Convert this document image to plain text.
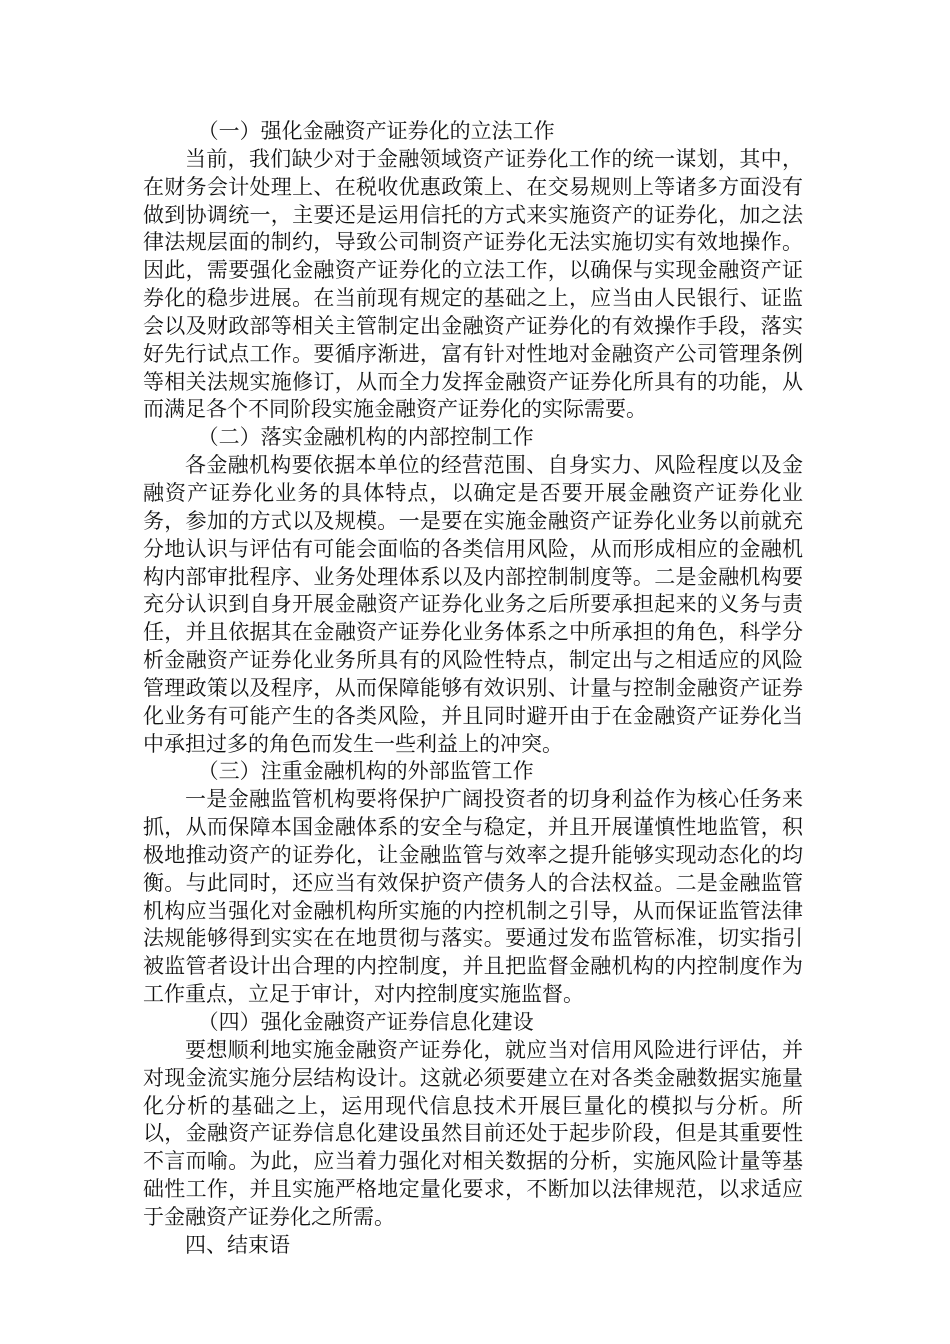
（一）强化金融资产证券化的立法工作

当前，我们缺少对于金融领域资产证券化工作的统一谋划，其中，在财务会计处理上、在税收优惠政策上、在交易规则上等诸多方面没有做到协调统一，主要还是运用信托的方式来实施资产的证券化，加之法律法规层面的制约，导致公司制资产证券化无法实施切实有效地操作。因此，需要强化金融资产证券化的立法工作，以确保与实现金融资产证券化的稳步进展。在当前现有规定的基础之上，应当由人民银行、证监会以及财政部等相关主管制定出金融资产证券化的有效操作手段，落实好先行试点工作。要循序渐进，富有针对性地对金融资产公司管理条例等相关法规实施修订，从而全力发挥金融资产证券化所具有的功能，从而满足各个不同阶段实施金融资产证券化的实际需要。

（二）落实金融机构的内部控制工作

各金融机构要依据本单位的经营范围、自身实力、风险程度以及金融资产证券化业务的具体特点，以确定是否要开展金融资产证券化业务，参加的方式以及规模。一是要在实施金融资产证券化业务以前就充分地认识与评估有可能会面临的各类信用风险，从而形成相应的金融机构内部审批程序、业务处理体系以及内部控制制度等。二是金融机构要充分认识到自身开展金融资产证券化业务之后所要承担起来的义务与责任，并且依据其在金融资产证券化业务体系之中所承担的角色，科学分析金融资产证券化业务所具有的风险性特点，制定出与之相适应的风险管理政策以及程序，从而保障能够有效识别、计量与控制金融资产证券化业务有可能产生的各类风险，并且同时避开由于在金融资产证券化当中承担过多的角色而发生一些利益上的冲突。

（三）注重金融机构的外部监管工作

一是金融监管机构要将保护广阔投资者的切身利益作为核心任务来抓，从而保障本国金融体系的安全与稳定，并且开展谨慎性地监管，积极地推动资产的证券化，让金融监管与效率之提升能够实现动态化的均衡。与此同时，还应当有效保护资产债务人的合法权益。二是金融监管机构应当强化对金融机构所实施的内控机制之引导，从而保证监管法律法规能够得到实实在在地贯彻与落实。要通过发布监管标准，切实指引被监管者设计出合理的内控制度，并且把监督金融机构的内控制度作为工作重点，立足于审计，对内控制度实施监督。

（四）强化金融资产证券信息化建设

要想顺利地实施金融资产证券化，就应当对信用风险进行评估，并对现金流实施分层结构设计。这就必须要建立在对各类金融数据实施量化分析的基础之上，运用现代信息技术开展巨量化的模拟与分析。所以，金融资产证券信息化建设虽然目前还处于起步阶段，但是其重要性不言而喻。为此，应当着力强化对相关数据的分析，实施风险计量等基础性工作，并且实施严格地定量化要求，不断加以法律规范，以求适应于金融资产证券化之所需。

四、结束语
